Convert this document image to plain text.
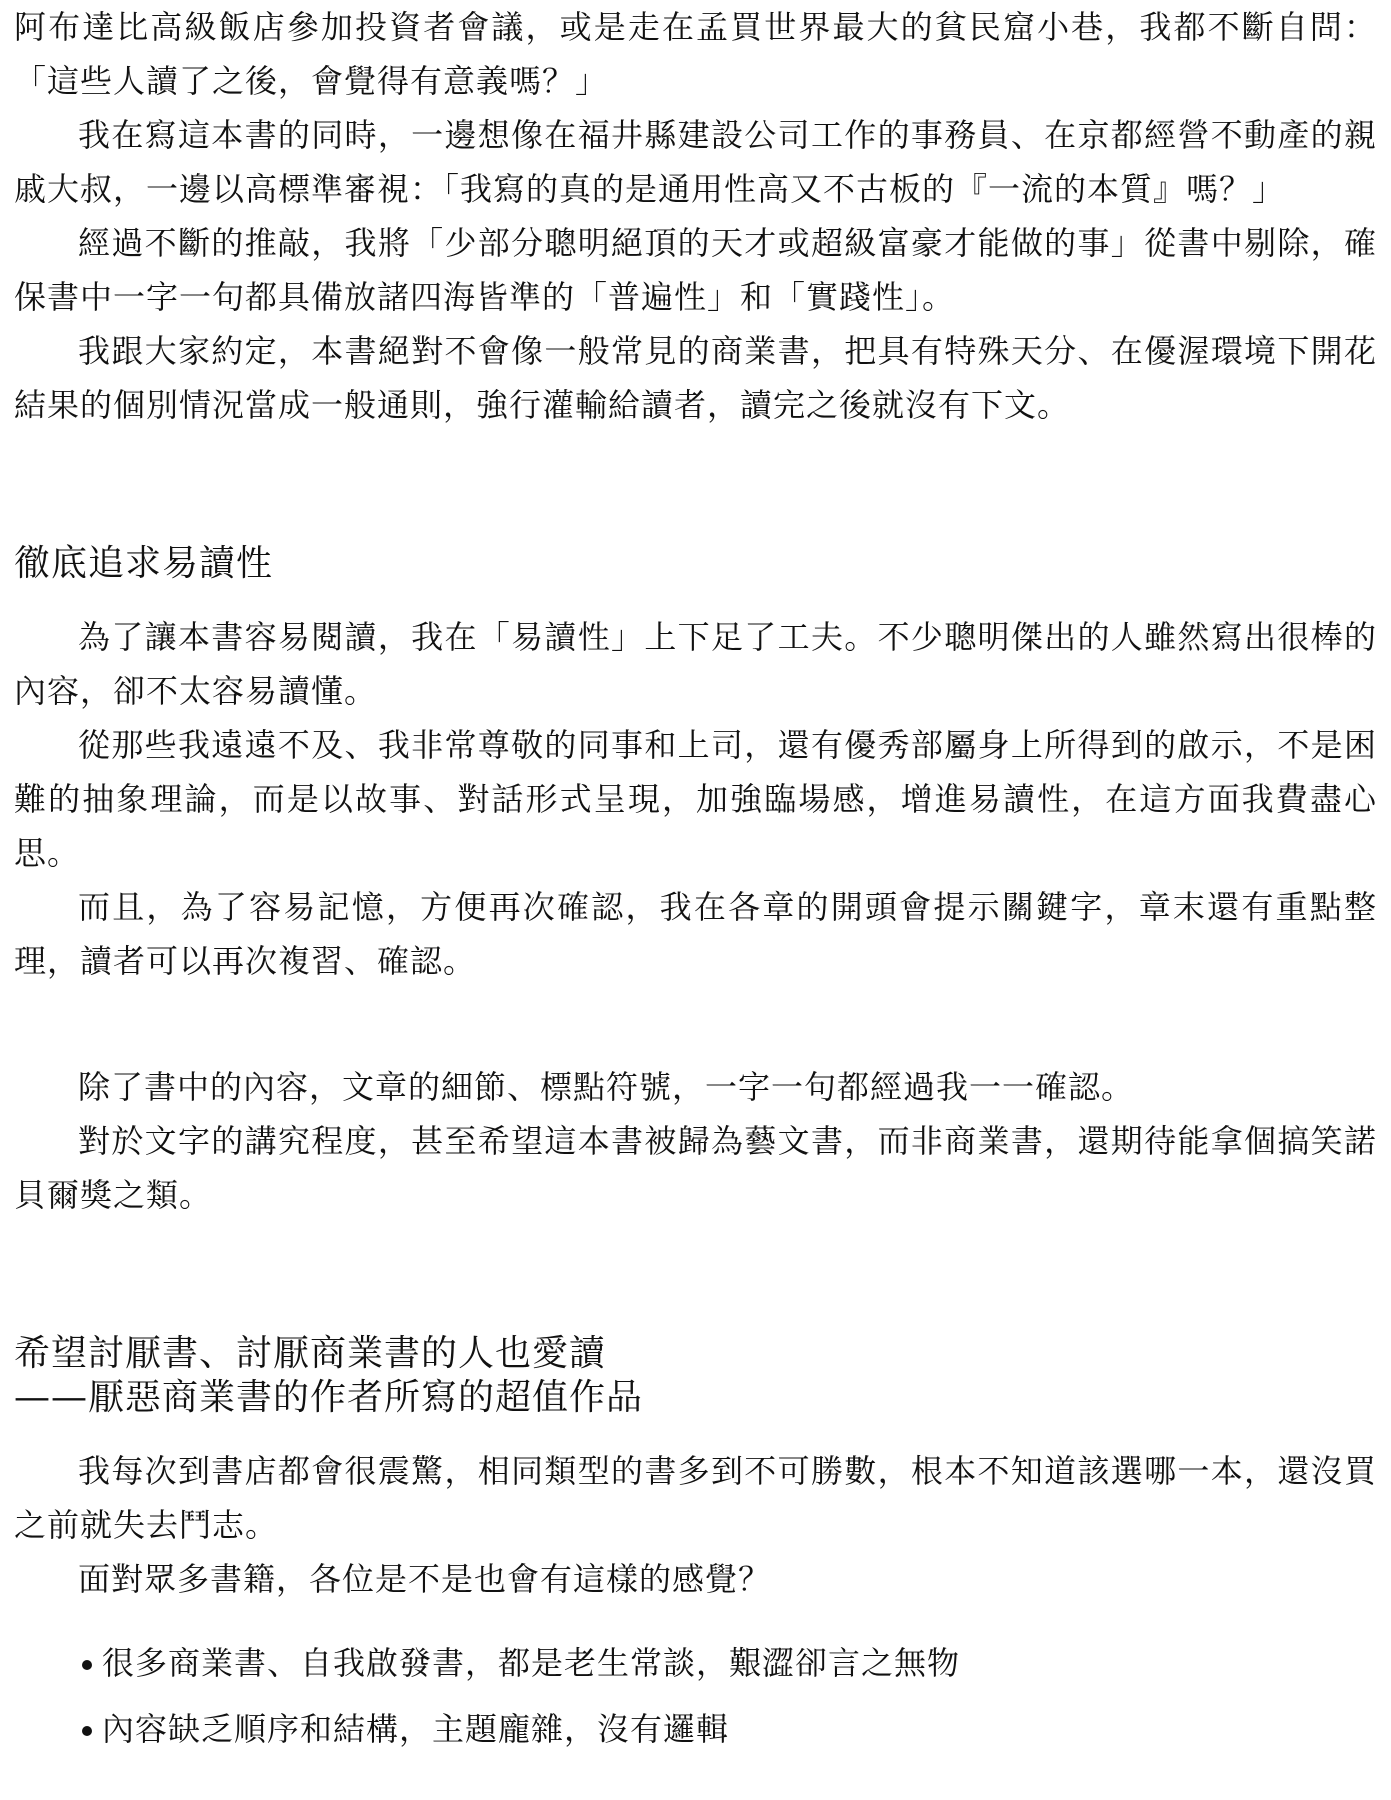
阿布達比高級飯店參加投資者會議，或是走在孟買世界最大的貧民窟小巷，我都不斷自問：「這些人讀了之後，會覺得有意義嗎？」

我在寫這本書的同時，一邊想像在福井縣建設公司工作的事務員、在京都經營不動產的親戚大叔，一邊以高標準審視：「我寫的真的是通用性高又不古板的『一流的本質』嗎？」

經過不斷的推敲，我將「少部分聰明絕頂的天才或超級富豪才能做的事」從書中剔除，確保書中一字一句都具備放諸四海皆準的「普遍性」和「實踐性」。

我跟大家約定，本書絕對不會像一般常見的商業書，把具有特殊天分、在優渥環境下開花結果的個別情況當成一般通則，強行灌輸給讀者，讀完之後就沒有下文。

徹底追求易讀性

為了讓本書容易閱讀，我在「易讀性」上下足了工夫。不少聰明傑出的人雖然寫出很棒的內容，卻不太容易讀懂。

從那些我遠遠不及、我非常尊敬的同事和上司，還有優秀部屬身上所得到的啟示，不是困難的抽象理論，而是以故事、對話形式呈現，加強臨場感，增進易讀性，在這方面我費盡心思。

而且，為了容易記憶，方便再次確認，我在各章的開頭會提示關鍵字，章末還有重點整理，讀者可以再次複習、確認。

除了書中的內容，文章的細節、標點符號，一字一句都經過我一一確認。

對於文字的講究程度，甚至希望這本書被歸為藝文書，而非商業書，還期待能拿個搞笑諾貝爾獎之類。

希望討厭書、討厭商業書的人也愛讀
——厭惡商業書的作者所寫的超值作品

我每次到書店都會很震驚，相同類型的書多到不可勝數，根本不知道該選哪一本，還沒買之前就失去鬥志。

面對眾多書籍，各位是不是也會有這樣的感覺？

很多商業書、自我啟發書，都是老生常談，艱澀卻言之無物
內容缺乏順序和結構，主題龐雜，沒有邏輯
